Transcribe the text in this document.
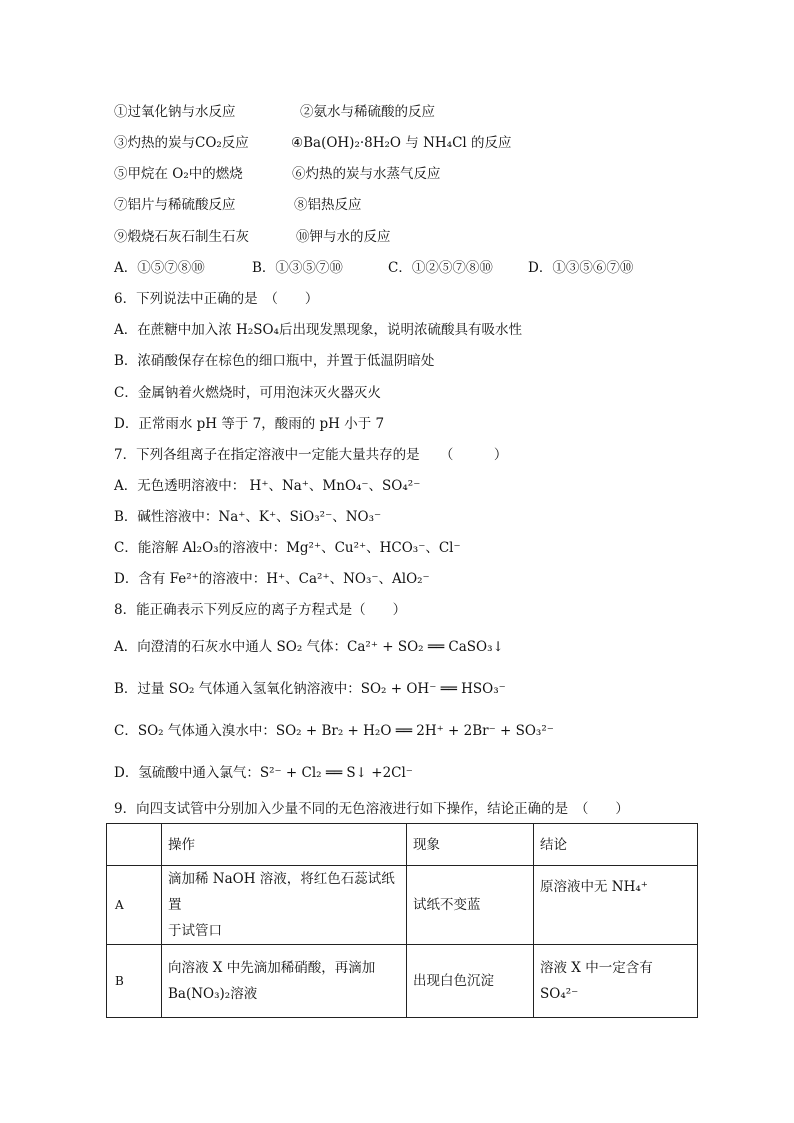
①过氧化钠与水反应	②氨水与稀硫酸的反应
③灼热的炭与CO₂反应	④Ba(OH)₂·8H₂O 与 NH₄Cl 的反应
⑤甲烷在 O₂中的燃烧	⑥灼热的炭与水蒸气反应
⑦铝片与稀硫酸反应	⑧铝热反应
⑨煅烧石灰石制生石灰	⑩钾与水的反应
A．①⑤⑦⑧⑩	B．①③⑤⑦⑩	C．①②⑤⑦⑧⑩	D．①③⑤⑥⑦⑩
6．下列说法中正确的是　（　　）
A．在蔗糖中加入浓 H₂SO₄后出现发黑现象，说明浓硫酸具有吸水性
B．浓硝酸保存在棕色的细口瓶中，并置于低温阴暗处
C．金属钠着火燃烧时，可用泡沫灭火器灭火
D．正常雨水 pH 等于 7，酸雨的 pH 小于 7
7．下列各组离子在指定溶液中一定能大量共存的是　　（　　　）
A．无色透明溶液中： H⁺、Na⁺、MnO₄⁻、SO₄²⁻
B．碱性溶液中：Na⁺、K⁺、SiO₃²⁻、NO₃⁻
C．能溶解 Al₂O₃的溶液中：Mg²⁺、Cu²⁺、HCO₃⁻、Cl⁻
D．含有 Fe²⁺的溶液中：H⁺、Ca²⁺、NO₃⁻、AlO₂⁻
8．能正确表示下列反应的离子方程式是（　　）
A．向澄清的石灰水中通人 SO₂ 气体：Ca²⁺ + SO₂ ══ CaSO₃↓
B．过量 SO₂ 气体通入氢氧化钠溶液中：SO₂ + OH⁻ ══ HSO₃⁻
C．SO₂ 气体通入溴水中：SO₂ + Br₂ + H₂O ══ 2H⁺ + 2Br⁻ + SO₃²⁻
D．氢硫酸中通入氯气：S²⁻ + Cl₂ ══ S↓ +2Cl⁻
9．向四支试管中分别加入少量不同的无色溶液进行如下操作，结论正确的是　（　　）
	操作	现象	结论
A	滴加稀 NaOH 溶液，将红色石蕊试纸置
于试管口	试纸不变蓝	原溶液中无 NH₄⁺
B	向溶液 X 中先滴加稀硝酸，再滴加
Ba(NO₃)₂溶液	出现白色沉淀	溶液 X 中一定含有 SO₄²⁻
